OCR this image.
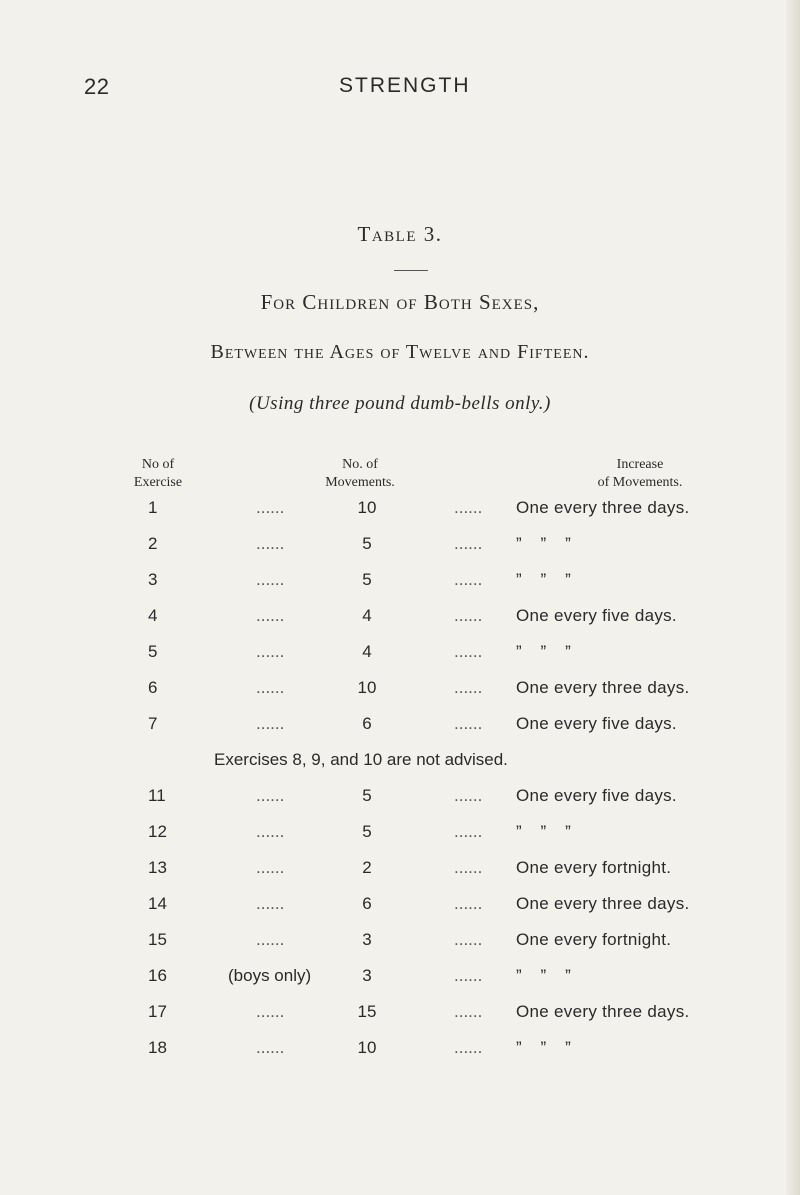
22	STRENGTH
Table 3.
For Children of Both Sexes,
Between the Ages of Twelve and Fifteen.
(Using three pound dumb-bells only.)
No of
Exercise
No. of
Movements.
Increase
of Movements.
1	......	10	......	One every three days.
2	......	5	......	”    ”    ”
3	......	5	......	”    ”    ”
4	......	4	......	One every five days.
5	......	4	......	”    ”    ”
6	......	10	......	One every three days.
7	......	6	......	One every five days.
Exercises 8, 9, and 10 are not advised.
11	......	5	......	One every five days.
12	......	5	......	”    ”    ”
13	......	2	......	One every fortnight.
14	......	6	......	One every three days.
15	......	3	......	One every fortnight.
16	(boys only)	3	......	”    ”    ”
17	......	15	......	One every three days.
18	......	10	......	”    ”    ”
